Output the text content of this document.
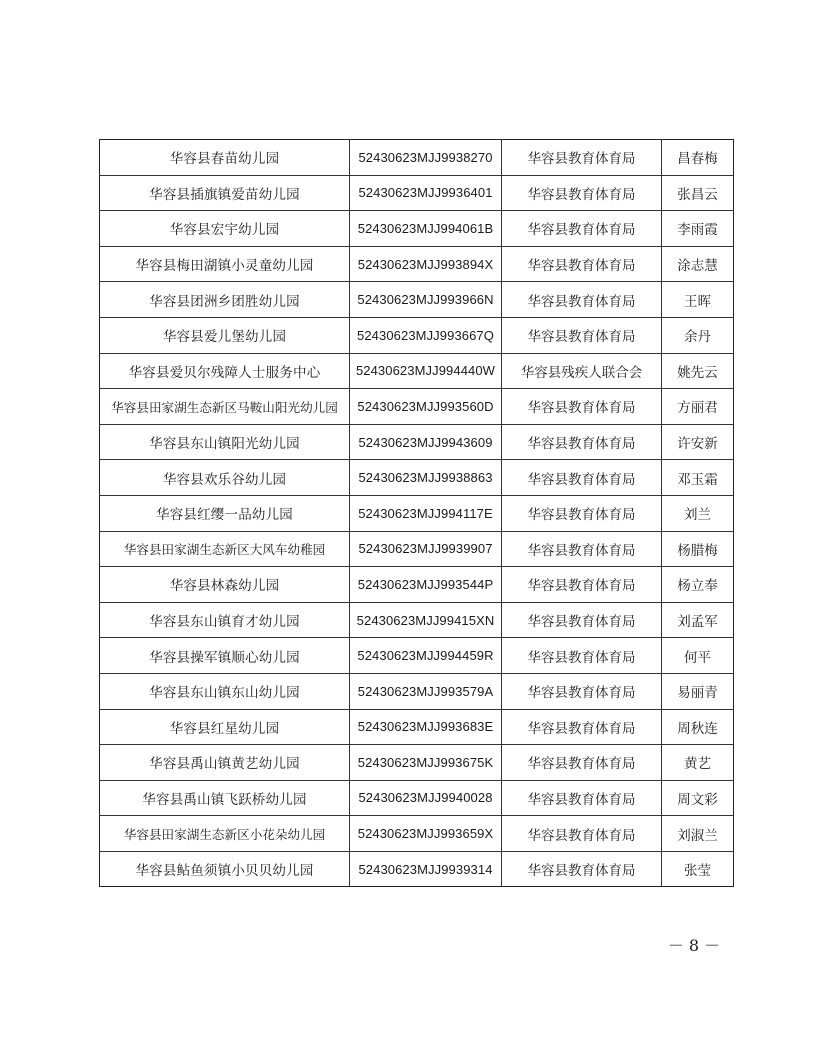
华容县春苗幼儿园	52430623MJJ9938270	华容县教育体育局	昌春梅
华容县插旗镇爱苗幼儿园	52430623MJJ9936401	华容县教育体育局	张昌云
华容县宏宇幼儿园	52430623MJJ994061B	华容县教育体育局	李雨霞
华容县梅田湖镇小灵童幼儿园	52430623MJJ993894X	华容县教育体育局	涂志慧
华容县团洲乡团胜幼儿园	52430623MJJ993966N	华容县教育体育局	王晖
华容县爱儿堡幼儿园	52430623MJJ993667Q	华容县教育体育局	余丹
华容县爱贝尔残障人士服务中心	52430623MJJ994440W	华容县残疾人联合会	姚先云
华容县田家湖生态新区马鞍山阳光幼儿园	52430623MJJ993560D	华容县教育体育局	方丽君
华容县东山镇阳光幼儿园	52430623MJJ9943609	华容县教育体育局	许安新
华容县欢乐谷幼儿园	52430623MJJ9938863	华容县教育体育局	邓玉霜
华容县红缨一品幼儿园	52430623MJJ994117E	华容县教育体育局	刘兰
华容县田家湖生态新区大风车幼稚园	52430623MJJ9939907	华容县教育体育局	杨腊梅
华容县林森幼儿园	52430623MJJ993544P	华容县教育体育局	杨立奉
华容县东山镇育才幼儿园	52430623MJJ99415XN	华容县教育体育局	刘孟军
华容县操军镇顺心幼儿园	52430623MJJ994459R	华容县教育体育局	何平
华容县东山镇东山幼儿园	52430623MJJ993579A	华容县教育体育局	易丽青
华容县红星幼儿园	52430623MJJ993683E	华容县教育体育局	周秋连
华容县禹山镇黄艺幼儿园	52430623MJJ993675K	华容县教育体育局	黄艺
华容县禹山镇飞跃桥幼儿园	52430623MJJ9940028	华容县教育体育局	周文彩
华容县田家湖生态新区小花朵幼儿园	52430623MJJ993659X	华容县教育体育局	刘淑兰
华容县鲇鱼须镇小贝贝幼儿园	52430623MJJ9939314	华容县教育体育局	张莹
－ 8 －
